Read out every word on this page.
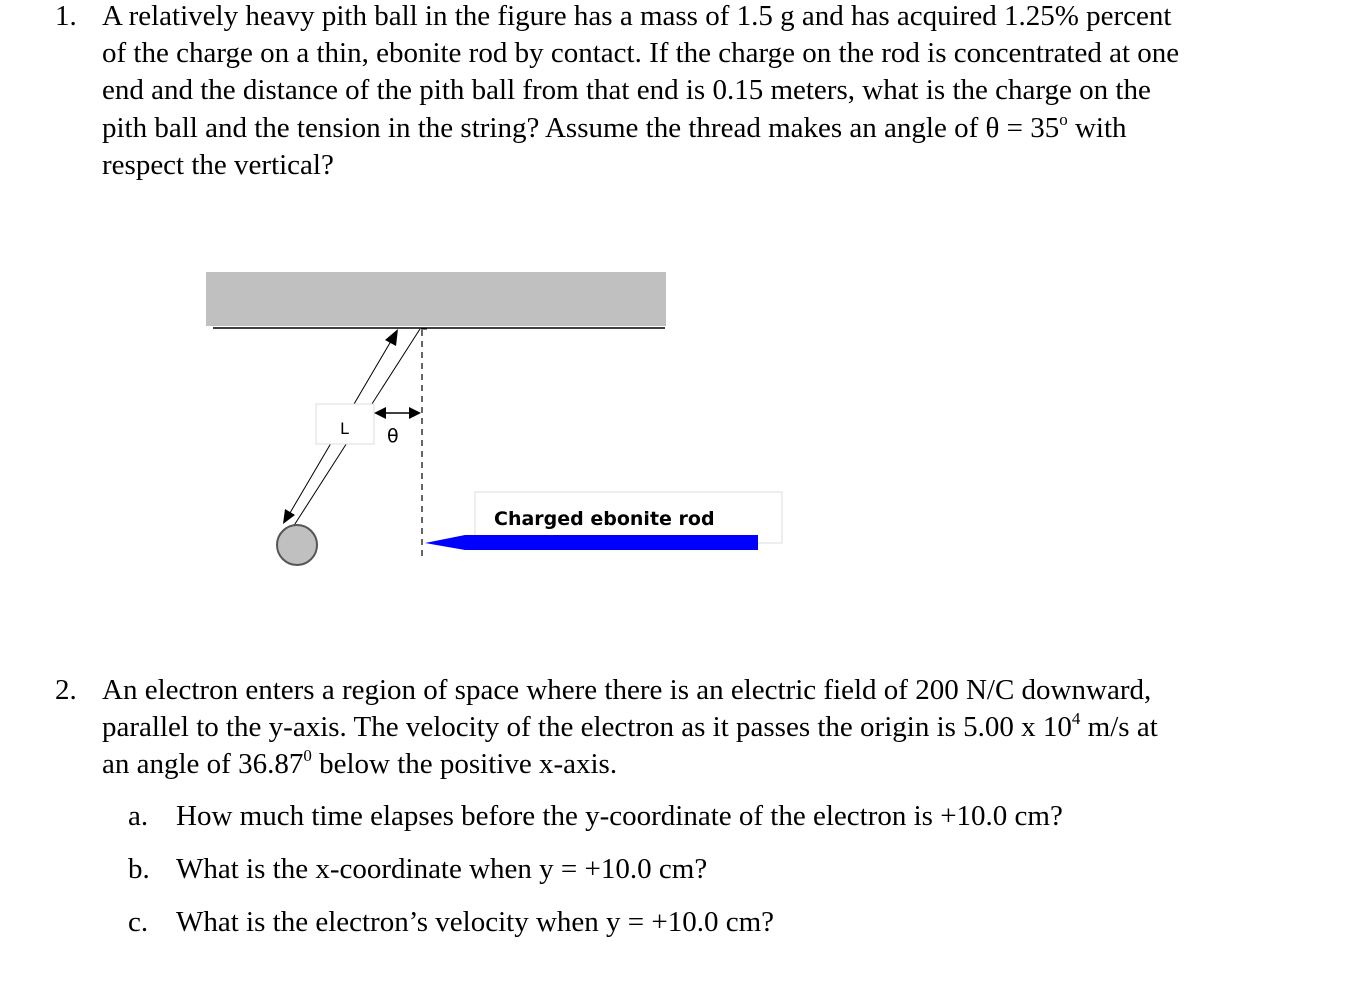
1. A relatively heavy pith ball in the figure has a mass of 1.5 g and has acquired 1.25% percent
of the charge on a thin, ebonite rod by contact. If the charge on the rod is concentrated at one
end and the distance of the pith ball from that end is 0.15 meters, what is the charge on the
pith ball and the tension in the string? Assume the thread makes an angle of $\theta = 35^o$ with
respect the vertical?
L θ
Charged ebonite rod
2. An electron enters a region of space where there is an electric field of 200 N/C downward,
parallel to the y-axis. The velocity of the electron as it passes the origin is 5.00 x $10^4$ m/s at
an angle of 36.87$^0$ below the positive x-axis.
a. How much time elapses before the y-coordinate of the electron is +10.0 cm?
b. What is the x-coordinate when y = +10.0 cm?
c. What is the electron’s velocity when y = +10.0 cm?
